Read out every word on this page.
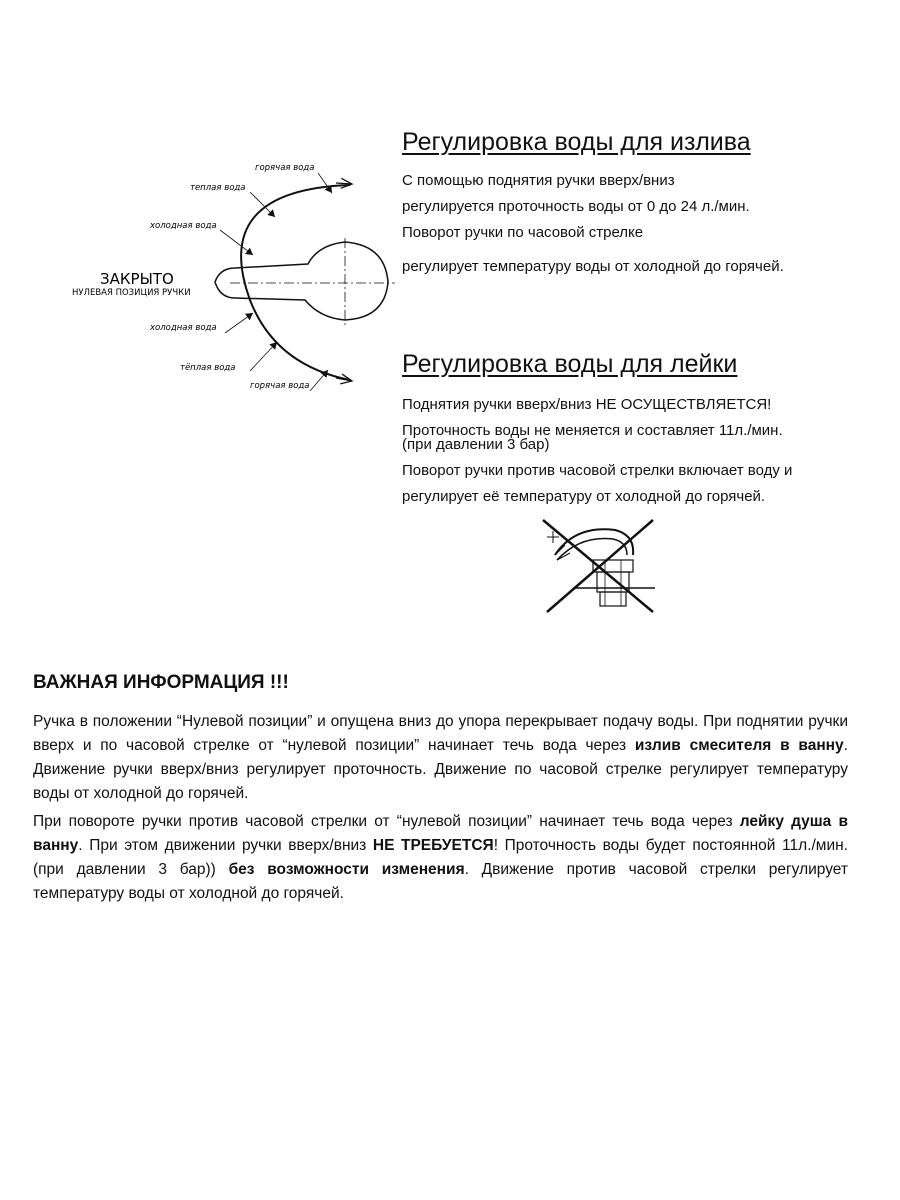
горячая вода
теплая вода
холодная вода
ЗАКРЫТО
НУЛЕВАЯ ПОЗИЦИЯ РУЧКИ
холодная вода
тёплая вода
горячая вода
Регулировка воды для излива

С помощью поднятия ручки вверх/вниз

регулируется проточность воды от 0 до 24 л./мин.

Поворот ручки по часовой стрелке

регулирует температуру воды от холодной до горячей.

Регулировка воды для лейки

Поднятия ручки вверх/вниз НЕ ОСУЩЕСТВЛЯЕТСЯ!

Проточность воды не меняется и составляет 11л./мин.

(при давлении 3 бар)

Поворот ручки против часовой стрелки включает воду и

регулирует её температуру от холодной до горячей.

ВАЖНАЯ ИНФОРМАЦИЯ !!!

Ручка в положении “Нулевой позиции” и опущена вниз до упора перекрывает подачу воды. При поднятии ручки вверх и по часовой стрелке от “нулевой позиции” начинает течь вода через излив смесителя в ванну. Движение ручки вверх/вниз регулирует проточность. Движение по часовой стрелке регулирует температуру воды от холодной до горячей.

При повороте ручки против часовой стрелки от “нулевой позиции” начинает течь вода через лейку душа в ванну. При этом движении ручки вверх/вниз НЕ ТРЕБУЕТСЯ! Проточность воды будет постоянной 11л./мин. (при давлении 3 бар)) без возможности изменения. Движение против часовой стрелки регулирует температуру воды от холодной до горячей.
